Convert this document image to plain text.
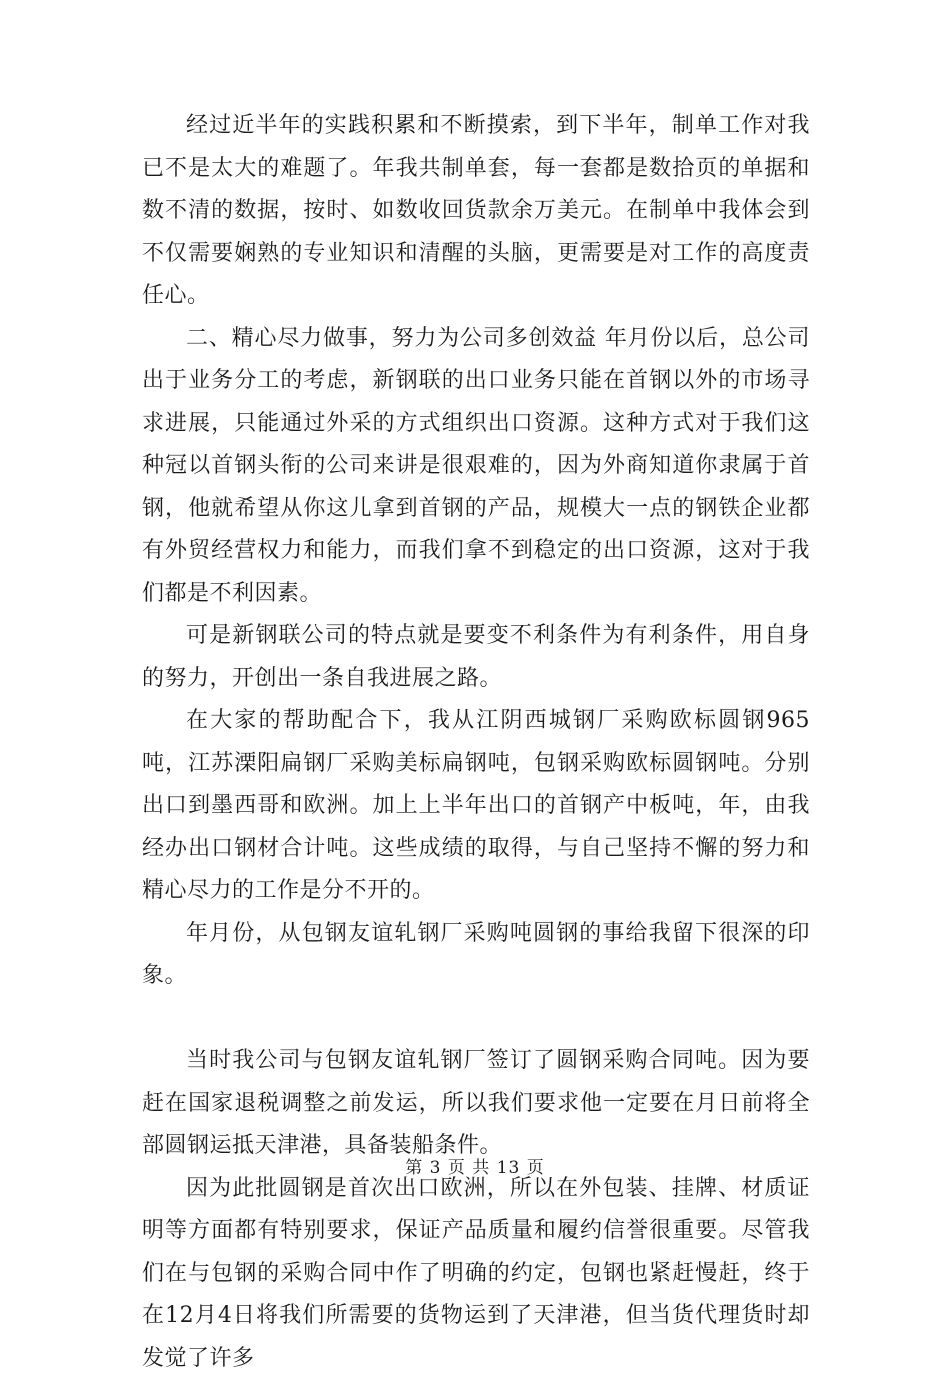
经过近半年的实践积累和不断摸索，到下半年，制单工作对我已不是太大的难题了。年我共制单套，每一套都是数拾页的单据和数不清的数据，按时、如数收回货款余万美元。在制单中我体会到不仅需要娴熟的专业知识和清醒的头脑，更需要是对工作的高度责任心。

二、精心尽力做事，努力为公司多创效益 年月份以后，总公司出于业务分工的考虑，新钢联的出口业务只能在首钢以外的市场寻求进展，只能通过外采的方式组织出口资源。这种方式对于我们这种冠以首钢头衔的公司来讲是很艰难的，因为外商知道你隶属于首钢，他就希望从你这儿拿到首钢的产品，规模大一点的钢铁企业都有外贸经营权力和能力，而我们拿不到稳定的出口资源，这对于我们都是不利因素。

可是新钢联公司的特点就是要变不利条件为有利条件，用自身的努力，开创出一条自我进展之路。

在大家的帮助配合下，我从江阴西城钢厂采购欧标圆钢965吨，江苏溧阳扁钢厂采购美标扁钢吨，包钢采购欧标圆钢吨。分别出口到墨西哥和欧洲。加上上半年出口的首钢产中板吨，年，由我经办出口钢材合计吨。这些成绩的取得，与自己坚持不懈的努力和精心尽力的工作是分不开的。

年月份，从包钢友谊轧钢厂采购吨圆钢的事给我留下很深的印象。

当时我公司与包钢友谊轧钢厂签订了圆钢采购合同吨。因为要赶在国家退税调整之前发运，所以我们要求他一定要在月日前将全部圆钢运抵天津港，具备装船条件。

因为此批圆钢是首次出口欧洲，所以在外包装、挂牌、材质证明等方面都有特别要求，保证产品质量和履约信誉很重要。尽管我们在与包钢的采购合同中作了明确的约定，包钢也紧赶慢赶，终于在12月4日将我们所需要的货物运到了天津港，但当货代理货时却发觉了许多

第 3 页 共 13 页
